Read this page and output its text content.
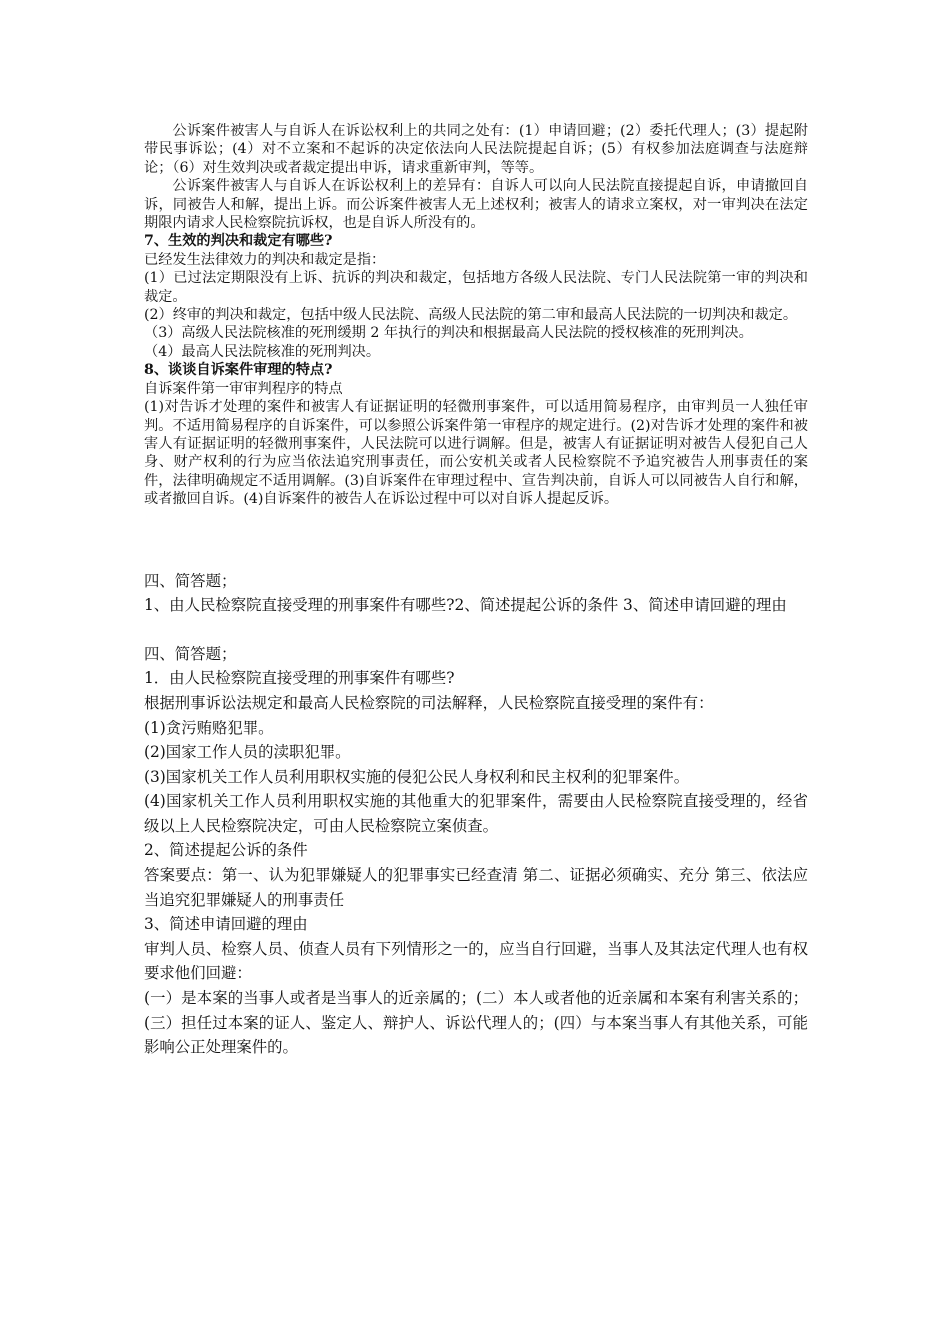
公诉案件被害人与自诉人在诉讼权利上的共同之处有：(1）申请回避；(2）委托代理人；(3）提起附带民事诉讼；(4）对不立案和不起诉的决定依法向人民法院提起自诉；(5）有权参加法庭调查与法庭辩论；（6）对生效判决或者裁定提出申诉，请求重新审判，等等。

公诉案件被害人与自诉人在诉讼权利上的差异有：自诉人可以向人民法院直接提起自诉，申请撤回自诉，同被告人和解，提出上诉。而公诉案件被害人无上述权利；被害人的请求立案权，对一审判决在法定期限内请求人民检察院抗诉权，也是自诉人所没有的。

7、生效的判决和裁定有哪些?

已经发生法律效力的判决和裁定是指：

(1）已过法定期限没有上诉、抗诉的判决和裁定，包括地方各级人民法院、专门人民法院第一审的判决和裁定。

(2）终审的判决和裁定，包括中级人民法院、高级人民法院的第二审和最高人民法院的一切判决和裁定。

（3）高级人民法院核准的死刑缓期 2 年执行的判决和根据最高人民法院的授权核准的死刑判决。

（4）最高人民法院核准的死刑判决。

8、谈谈自诉案件审理的特点?

自诉案件第一审审判程序的特点

(1)对告诉才处理的案件和被害人有证据证明的轻微刑事案件，可以适用简易程序，由审判员一人独任审判。不适用简易程序的自诉案件，可以参照公诉案件第一审程序的规定进行。(2)对告诉才处理的案件和被害人有证据证明的轻微刑事案件，人民法院可以进行调解。但是，被害人有证据证明对被告人侵犯自己人身、财产权利的行为应当依法追究刑事责任，而公安机关或者人民检察院不予追究被告人刑事责任的案件，法律明确规定不适用调解。(3)自诉案件在审理过程中、宣告判决前，自诉人可以同被告人自行和解，或者撤回自诉。(4)自诉案件的被告人在诉讼过程中可以对自诉人提起反诉。

四、简答题；

1、由人民检察院直接受理的刑事案件有哪些?2、简述提起公诉的条件 3、简述申请回避的理由

四、简答题；

1．由人民检察院直接受理的刑事案件有哪些?

根据刑事诉讼法规定和最高人民检察院的司法解释，人民检察院直接受理的案件有：

(1)贪污贿赂犯罪。

(2)国家工作人员的渎职犯罪。

(3)国家机关工作人员利用职权实施的侵犯公民人身权利和民主权利的犯罪案件。

(4)国家机关工作人员利用职权实施的其他重大的犯罪案件，需要由人民检察院直接受理的，经省级以上人民检察院决定，可由人民检察院立案侦查。

2、简述提起公诉的条件

答案要点：第一、认为犯罪嫌疑人的犯罪事实已经查清 第二、证据必须确实、充分 第三、依法应当追究犯罪嫌疑人的刑事责任

3、简述申请回避的理由

审判人员、检察人员、侦查人员有下列情形之一的，应当自行回避，当事人及其法定代理人也有权要求他们回避：

(一）是本案的当事人或者是当事人的近亲属的；(二）本人或者他的近亲属和本案有利害关系的；(三）担任过本案的证人、鉴定人、辩护人、诉讼代理人的；(四）与本案当事人有其他关系，可能影响公正处理案件的。
